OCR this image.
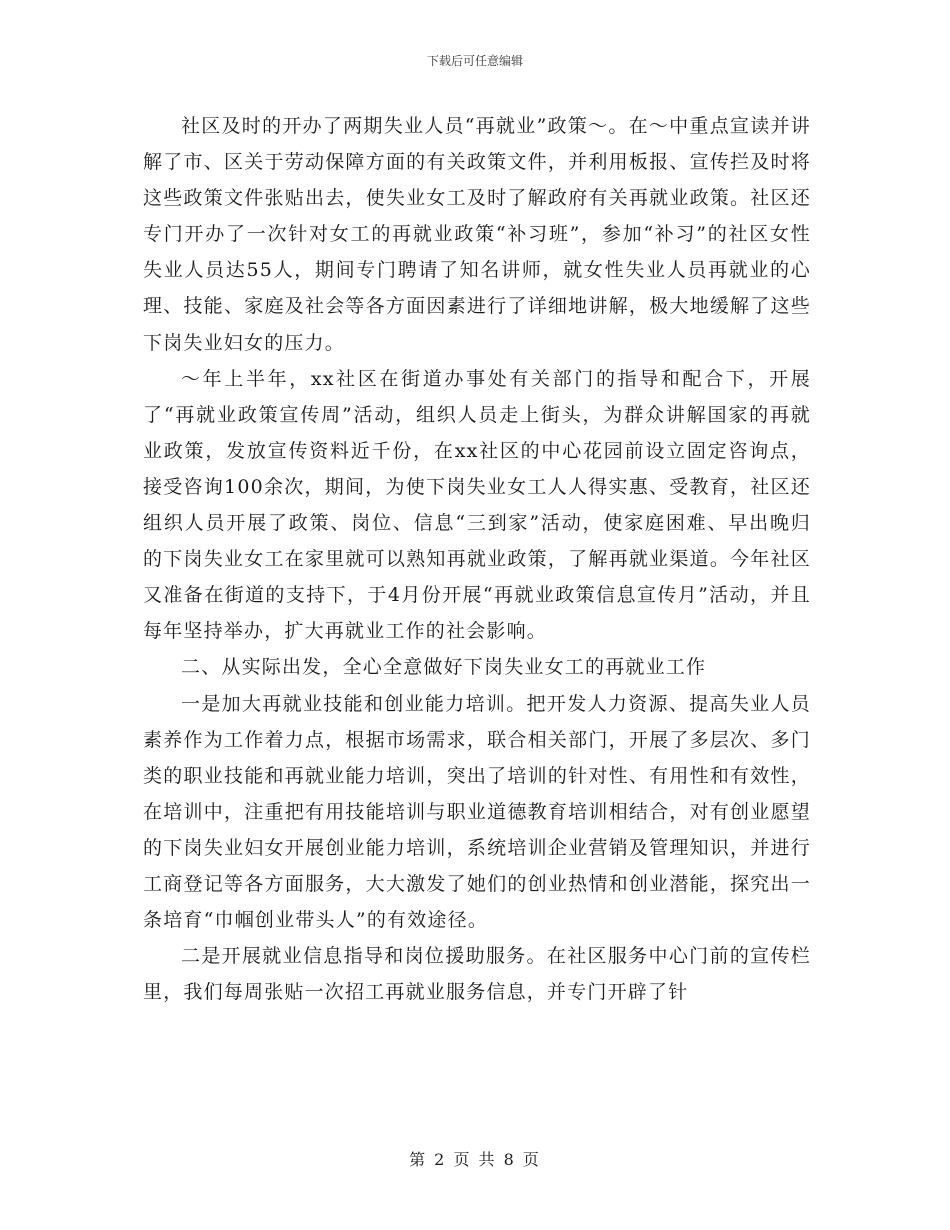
下载后可任意编辑

社区及时的开办了两期失业人员“再就业”政策～。在～中重点宣读并讲解了市、区关于劳动保障方面的有关政策文件，并利用板报、宣传拦及时将这些政策文件张贴出去，使失业女工及时了解政府有关再就业政策。社区还专门开办了一次针对女工的再就业政策“补习班”，参加“补习”的社区女性失业人员达55人，期间专门聘请了知名讲师，就女性失业人员再就业的心理、技能、家庭及社会等各方面因素进行了详细地讲解，极大地缓解了这些下岗失业妇女的压力。

～年上半年，xx社区在街道办事处有关部门的指导和配合下，开展了“再就业政策宣传周”活动，组织人员走上街头，为群众讲解国家的再就业政策，发放宣传资料近千份，在xx社区的中心花园前设立固定咨询点，接受咨询100余次，期间，为使下岗失业女工人人得实惠、受教育，社区还组织人员开展了政策、岗位、信息“三到家”活动，使家庭困难、早出晚归的下岗失业女工在家里就可以熟知再就业政策，了解再就业渠道。今年社区又准备在街道的支持下，于4月份开展“再就业政策信息宣传月”活动，并且每年坚持举办，扩大再就业工作的社会影响。

二、从实际出发，全心全意做好下岗失业女工的再就业工作

一是加大再就业技能和创业能力培训。把开发人力资源、提高失业人员素养作为工作着力点，根据市场需求，联合相关部门，开展了多层次、多门类的职业技能和再就业能力培训，突出了培训的针对性、有用性和有效性，在培训中，注重把有用技能培训与职业道德教育培训相结合，对有创业愿望的下岗失业妇女开展创业能力培训，系统培训企业营销及管理知识，并进行工商登记等各方面服务，大大激发了她们的创业热情和创业潜能，探究出一条培育“巾帼创业带头人”的有效途径。

二是开展就业信息指导和岗位援助服务。在社区服务中心门前的宣传栏里，我们每周张贴一次招工再就业服务信息，并专门开辟了针

第 2 页 共 8 页
